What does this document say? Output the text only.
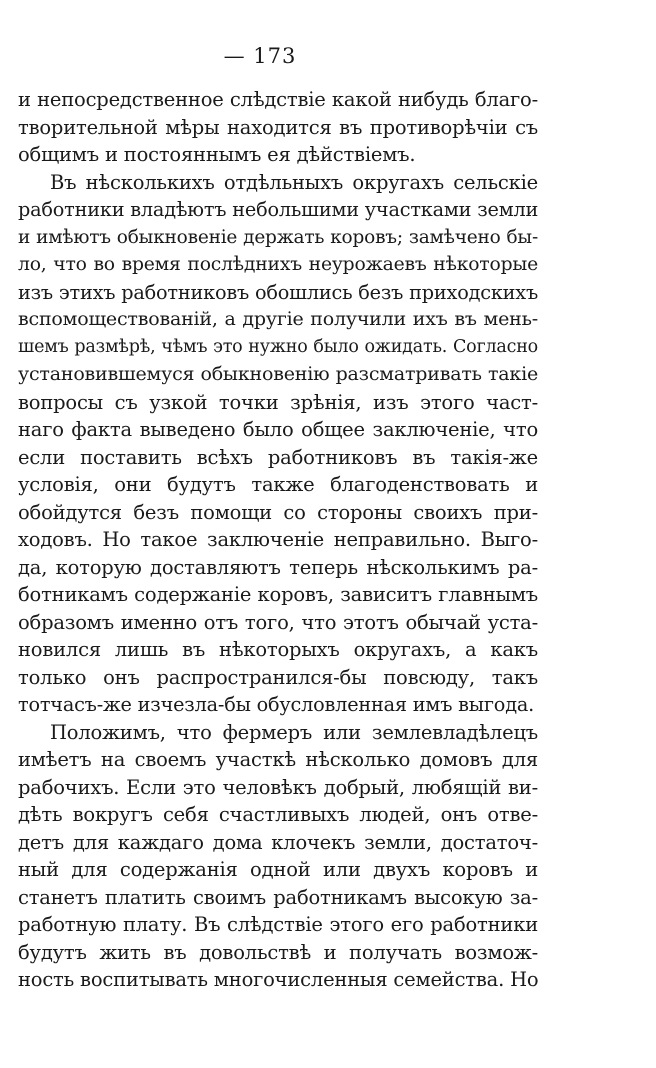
— 173
и непосредственное слѣдствіе какой нибудь благо-
творительной мѣры находится въ противорѣчіи съ
общимъ и постояннымъ ея дѣйствіемъ.
Въ нѣсколькихъ отдѣльныхъ округахъ сельскіе
работники владѣютъ небольшими участками земли
и имѣютъ обыкновеніе держать коровъ; замѣчено бы-
ло, что во время послѣднихъ неурожаевъ нѣкоторые
изъ этихъ работниковъ обошлись безъ приходскихъ
вспомоществованій, а другіе получили ихъ въ мень-
шемъ размѣрѣ, чѣмъ это нужно было ожидать. Согласно
установившемуся обыкновенію разсматривать такіе
вопросы съ узкой точки зрѣнія, изъ этого част-
наго факта выведено было общее заключеніе, что
если поставить всѣхъ работниковъ въ такія-же
условія, они будутъ также благоденствовать и
обойдутся безъ помощи со стороны своихъ при-
ходовъ. Но такое заключеніе неправильно. Выго-
да, которую доставляютъ теперь нѣсколькимъ ра-
ботникамъ содержаніе коровъ, зависитъ главнымъ
образомъ именно отъ того, что этотъ обычай уста-
новился лишь въ нѣкоторыхъ округахъ, а какъ
только онъ распространился-бы повсюду, такъ
тотчасъ-же изчезла-бы обусловленная имъ выгода.
Положимъ, что фермеръ или землевладѣлецъ
имѣетъ на своемъ участкѣ нѣсколько домовъ для
рабочихъ. Если это человѣкъ добрый, любящій ви-
дѣть вокругъ себя счастливыхъ людей, онъ отве-
детъ для каждаго дома клочекъ земли, достаточ-
ный для содержанія одной или двухъ коровъ и
станетъ платить своимъ работникамъ высокую за-
работную плату. Въ слѣдствіе этого его работники
будутъ жить въ довольствѣ и получать возмож-
ность воспитывать многочисленныя семейства. Но
